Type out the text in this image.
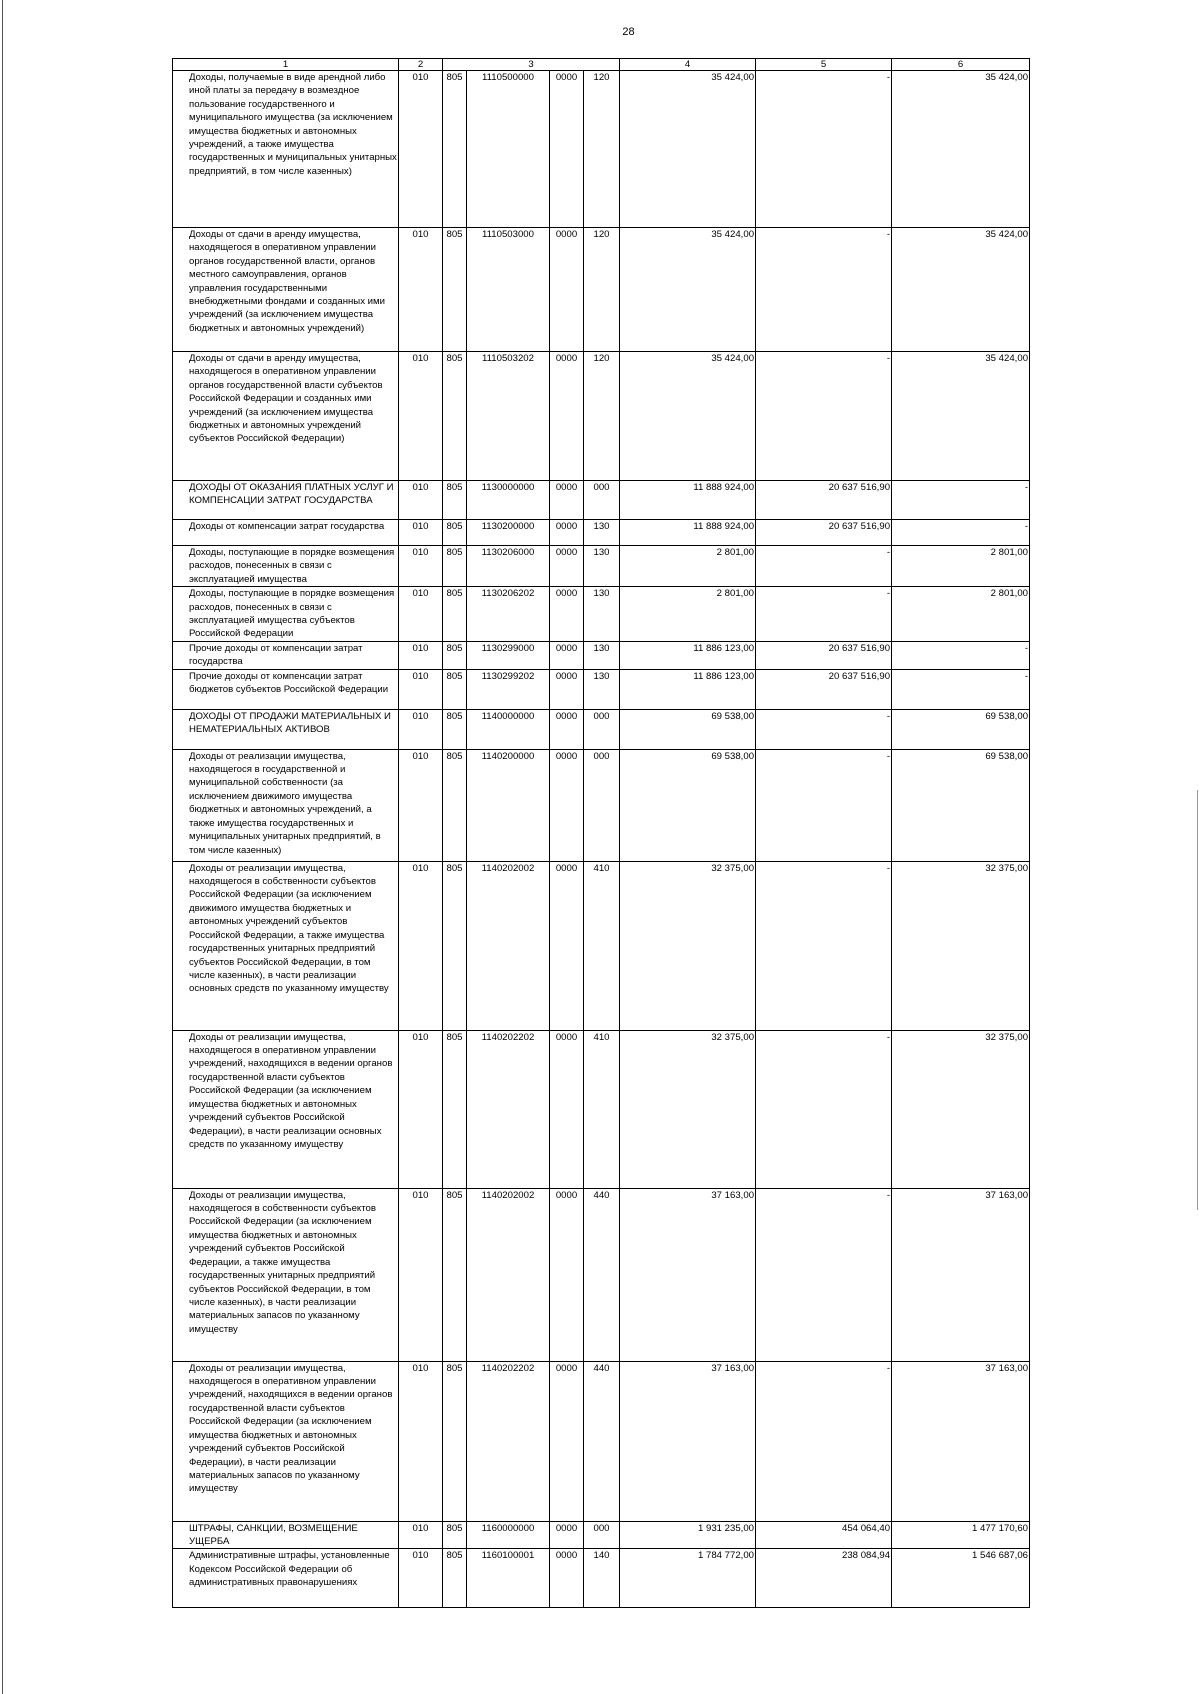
28
1	2	3				4	5	6
Доходы, получаемые в виде арендной либо иной платы за передачу в возмездное пользование государственного и муниципального имущества (за исключением имущества бюджетных и автономных учреждений, а также имущества государственных и муниципальных унитарных предприятий, в том числе казенных)	010	805	1110500000	0000	120	35 424,00	-	35 424,00
Доходы от сдачи в аренду имущества, находящегося в оперативном управлении органов государственной власти, органов местного самоуправления, органов управления государственными внебюджетными фондами и созданных ими учреждений (за исключением имущества бюджетных и автономных учреждений)	010	805	1110503000	0000	120	35 424,00	-	35 424,00
Доходы от сдачи в аренду имущества, находящегося в оперативном управлении органов государственной власти субъектов Российской Федерации и созданных ими учреждений (за исключением имущества бюджетных и автономных учреждений субъектов Российской Федерации)	010	805	1110503202	0000	120	35 424,00	-	35 424,00
ДОХОДЫ ОТ ОКАЗАНИЯ ПЛАТНЫХ УСЛУГ И КОМПЕНСАЦИИ ЗАТРАТ ГОСУДАРСТВА	010	805	1130000000	0000	000	11 888 924,00	20 637 516,90	-
Доходы от компенсации затрат государства	010	805	1130200000	0000	130	11 888 924,00	20 637 516,90	-
Доходы, поступающие в порядке возмещения расходов, понесенных в связи с эксплуатацией имущества	010	805	1130206000	0000	130	2 801,00	-	2 801,00
Доходы, поступающие в порядке возмещения расходов, понесенных в связи с эксплуатацией имущества субъектов Российской Федерации	010	805	1130206202	0000	130	2 801,00	-	2 801,00
Прочие доходы от компенсации затрат государства	010	805	1130299000	0000	130	11 886 123,00	20 637 516,90	-
Прочие доходы от компенсации затрат бюджетов субъектов Российской Федерации	010	805	1130299202	0000	130	11 886 123,00	20 637 516,90	-
ДОХОДЫ ОТ ПРОДАЖИ МАТЕРИАЛЬНЫХ И НЕМАТЕРИАЛЬНЫХ АКТИВОВ	010	805	1140000000	0000	000	69 538,00	-	69 538,00
Доходы от реализации имущества, находящегося в государственной и муниципальной собственности (за исключением движимого имущества бюджетных и автономных учреждений, а также имущества государственных и муниципальных унитарных предприятий, в том числе казенных)	010	805	1140200000	0000	000	69 538,00	-	69 538,00
Доходы от реализации имущества, находящегося в собственности субъектов Российской Федерации (за исключением движимого имущества бюджетных и автономных учреждений субъектов Российской Федерации, а также имущества государственных унитарных предприятий субъектов Российской Федерации, в том числе казенных), в части реализации основных средств по указанному имуществу	010	805	1140202002	0000	410	32 375,00	-	32 375,00
Доходы от реализации имущества, находящегося в оперативном управлении учреждений, находящихся в ведении органов государственной власти субъектов Российской Федерации (за исключением имущества бюджетных и автономных учреждений субъектов Российской Федерации), в части реализации основных средств по указанному имуществу	010	805	1140202202	0000	410	32 375,00	-	32 375,00
Доходы от реализации имущества, находящегося в собственности субъектов Российской Федерации (за исключением имущества бюджетных и автономных учреждений субъектов Российской Федерации, а также имущества государственных унитарных предприятий субъектов Российской Федерации, в том числе казенных), в части реализации материальных запасов по указанному имуществу	010	805	1140202002	0000	440	37 163,00	-	37 163,00
Доходы от реализации имущества, находящегося в оперативном управлении учреждений, находящихся в ведении органов государственной власти субъектов Российской Федерации (за исключением имущества бюджетных и автономных учреждений субъектов Российской Федерации), в части реализации материальных запасов по указанному имуществу	010	805	1140202202	0000	440	37 163,00	-	37 163,00
ШТРАФЫ, САНКЦИИ, ВОЗМЕЩЕНИЕ УЩЕРБА	010	805	1160000000	0000	000	1 931 235,00	454 064,40	1 477 170,60
Административные штрафы, установленные Кодексом Российской Федерации об административных правонарушениях	010	805	1160100001	0000	140	1 784 772,00	238 084,94	1 546 687,06
